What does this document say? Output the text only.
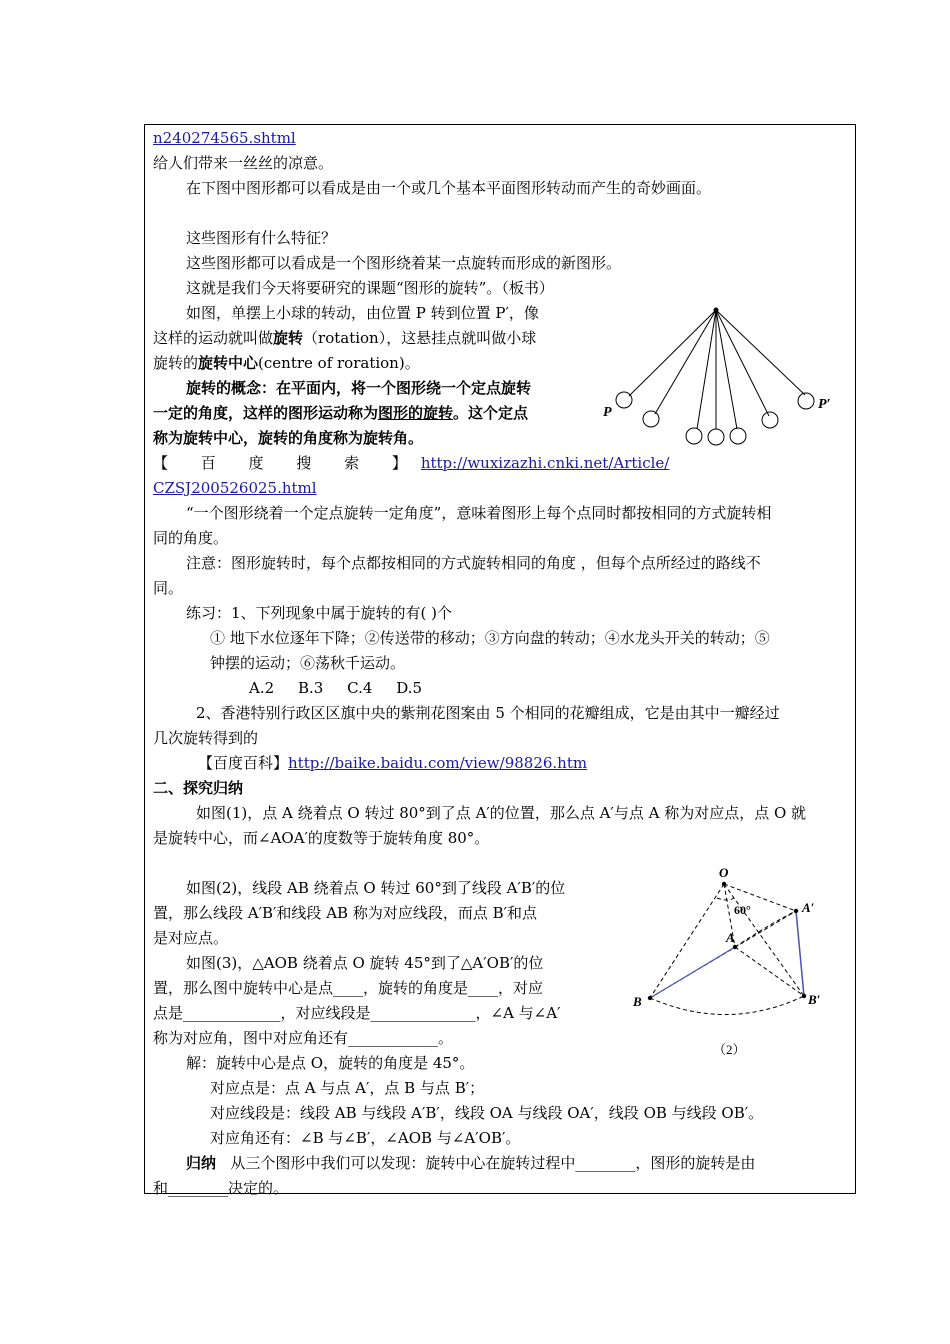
n240274565.shtml
给人们带来一丝丝的凉意。
在下图中图形都可以看成是由一个或几个基本平面图形转动而产生的奇妙画面。
这些图形有什么特征？
这些图形都可以看成是一个图形绕着某一点旋转而形成的新图形。
这就是我们今天将要研究的课题“图形的旋转”。（板书）
如图，单摆上小球的转动，由位置 P 转到位置 P′，像
这样的运动就叫做旋转（rotation），这悬挂点就叫做小球
旋转的旋转中心(centre of roration)。
旋转的概念：在平面内，将一个图形绕一个定点旋转
一定的角度，这样的图形运动称为图形的旋转。这个定点
称为旋转中心，旋转的角度称为旋转角。
P
P′
【 百 度 搜 索 】 http://wuxizazhi.cnki.net/Article/
CZSJ200526025.html
“一个图形绕着一个定点旋转一定角度”，意味着图形上每个点同时都按相同的方式旋转相
同的角度。
注意：图形旋转时，每个点都按相同的方式旋转相同的角度 ，但每个点所经过的路线不
同。
练习：1、下列现象中属于旋转的有( )个
① 地下水位逐年下降；②传送带的移动；③方向盘的转动；④水龙头开关的转动；⑤
钟摆的运动；⑥荡秋千运动。
A.2     B.3     C.4     D.5
2、香港特别行政区区旗中央的紫荆花图案由 5 个相同的花瓣组成，它是由其中一瓣经过
几次旋转得到的
【百度百科】http://baike.baidu.com/view/98826.htm
二、探究归纳
如图(1)，点 A 绕着点 O 转过 80°到了点 A′的位置，那么点 A′与点 A 称为对应点，点 O 就
是旋转中心，而∠AOA′的度数等于旋转角度 80°。
如图(2)，线段 AB 绕着点 O 转过 60°到了线段 A′B′的位
置，那么线段 A′B′和线段 AB 称为对应线段，而点 B′和点
是对应点。
如图(3)，△AOB 绕着点 O 旋转 45°到了△A′OB′的位
置，那么图中旋转中心是点____，旋转的角度是____，对应
点是_____________，对应线段是______________，∠A 与∠A′
称为对应角，图中对应角还有____________。
解：旋转中心是点 O，旋转的角度是 45°。
对应点是：点 A 与点 A′，点 B 与点 B′；
对应线段是：线段 AB 与线段 A′B′，线段 OA 与线段 OA′，线段 OB 与线段 OB′。
对应角还有：∠B 与∠B′，∠AOB 与∠A′OB′。
归纳 从三个图形中我们可以发现：旋转中心在旋转过程中________，图形的旋转是由
和________决定的。
O
A
B
A′
B′
60°
（2）
